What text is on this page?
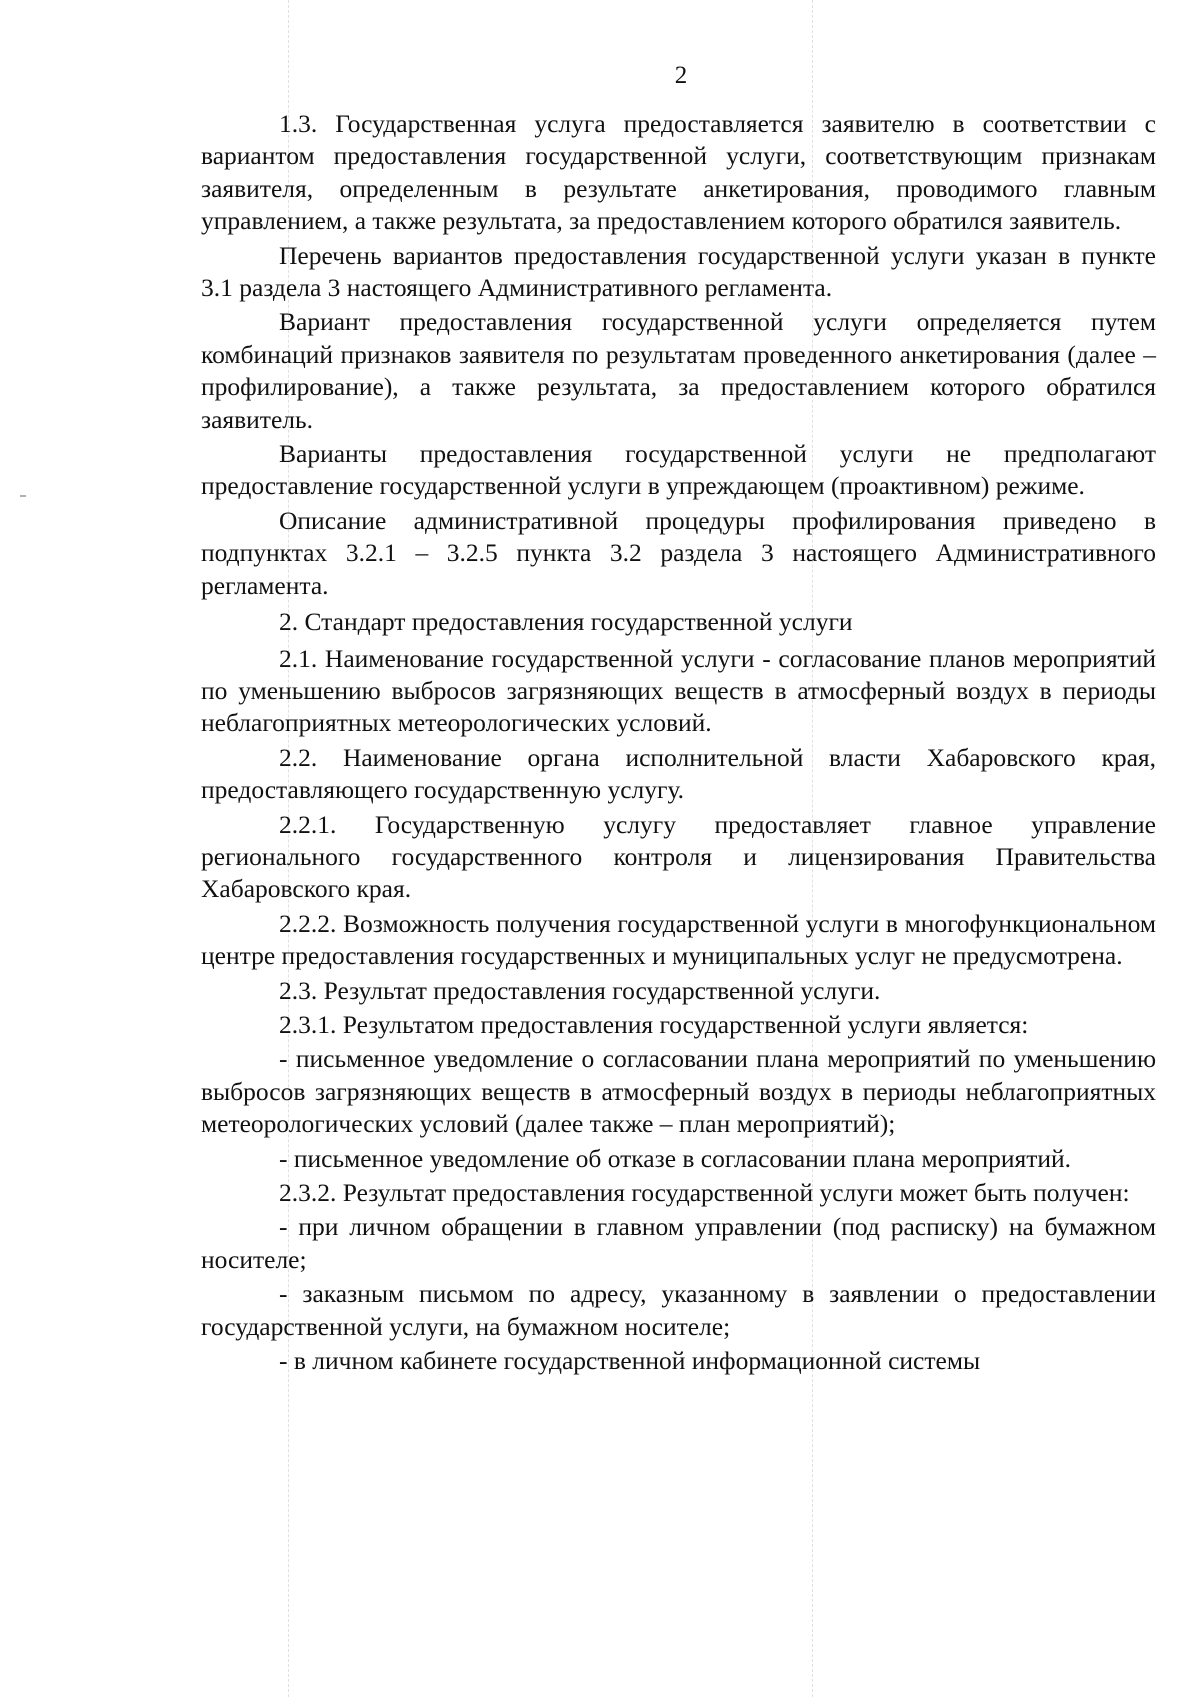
2

1.3. Государственная услуга предоставляется заявителю в соответствии с вариантом предоставления государственной услуги, соответствующим признакам заявителя, определенным в результате анкетирования, проводимого главным управлением, а также результата, за предоставлением которого обратился заявитель.

Перечень вариантов предоставления государственной услуги указан в пункте 3.1 раздела 3 настоящего Административного регламента.

Вариант предоставления государственной услуги определяется путем комбинаций признаков заявителя по результатам проведенного анкетирования (далее – профилирование), а также результата, за предоставлением которого обратился заявитель.

Варианты предоставления государственной услуги не предполагают предоставление государственной услуги в упреждающем (проактивном) режиме.

Описание административной процедуры профилирования приведено в подпунктах 3.2.1 – 3.2.5 пункта 3.2 раздела 3 настоящего Административного регламента.

2. Стандарт предоставления государственной услуги

2.1. Наименование государственной услуги - согласование планов мероприятий по уменьшению выбросов загрязняющих веществ в атмосферный воздух в периоды неблагоприятных метеорологических условий.

2.2. Наименование органа исполнительной власти Хабаровского края, предоставляющего государственную услугу.

2.2.1. Государственную услугу предоставляет главное управление регионального государственного контроля и лицензирования Правительства Хабаровского края.

2.2.2. Возможность получения государственной услуги в многофункциональном центре предоставления государственных и муниципальных услуг не предусмотрена.

2.3. Результат предоставления государственной услуги.

2.3.1. Результатом предоставления государственной услуги является:

- письменное уведомление о согласовании плана мероприятий по уменьшению выбросов загрязняющих веществ в атмосферный воздух в периоды неблагоприятных метеорологических условий (далее также – план мероприятий);

- письменное уведомление об отказе в согласовании плана мероприятий.

2.3.2. Результат предоставления государственной услуги может быть получен:

- при личном обращении в главном управлении (под расписку) на бумажном носителе;

- заказным письмом по адресу, указанному в заявлении о предоставлении государственной услуги, на бумажном носителе;

- в личном кабинете государственной информационной системы
